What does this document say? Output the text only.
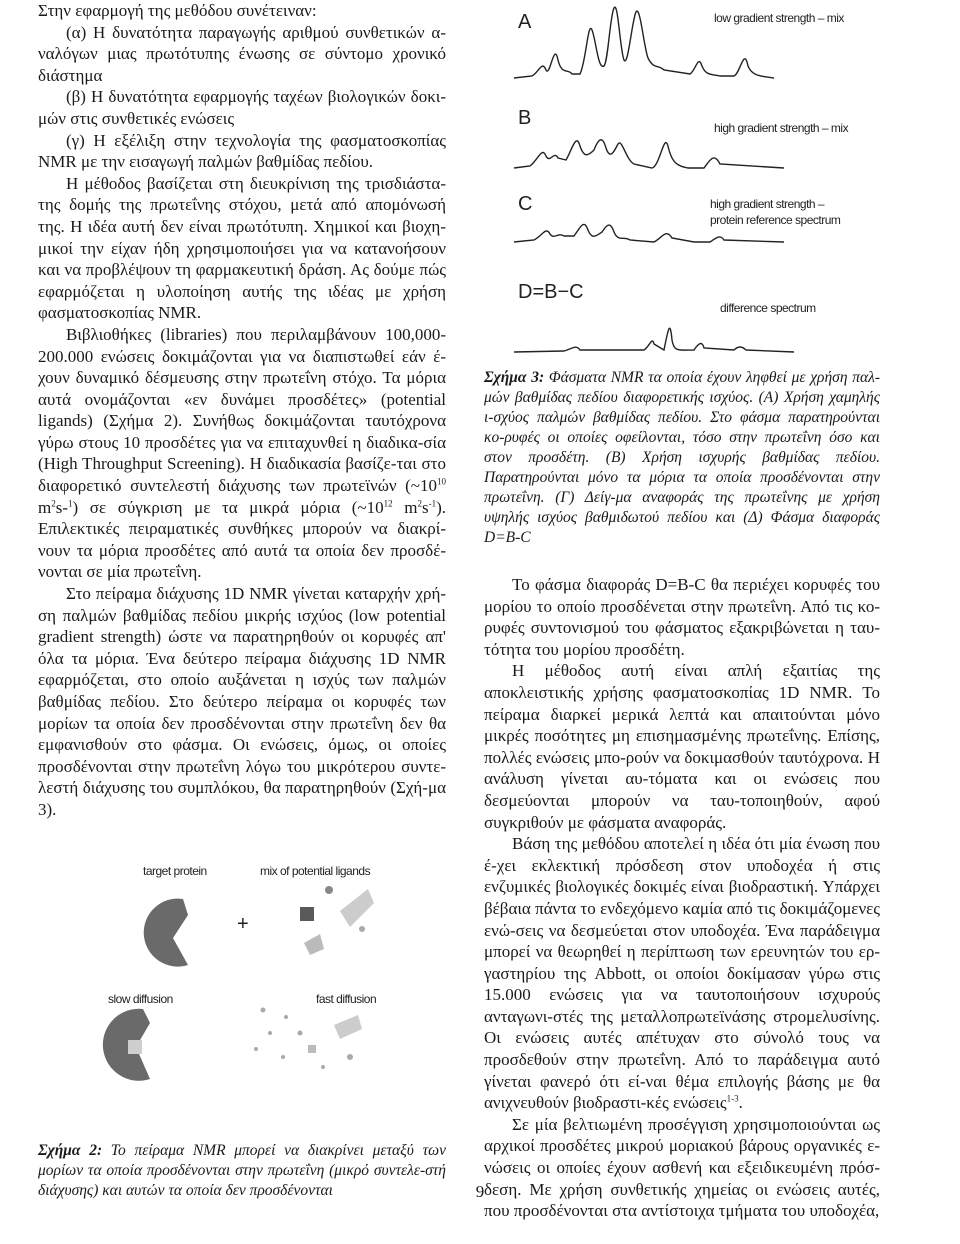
Στην εφαρμογή της μεθόδου συνέτειναν:

(α) Η δυνατότητα παραγωγής αριθμού συνθετικών α-ναλόγων μιας πρωτότυπης ένωσης σε σύντομο χρονικό διάστημα

(β) Η δυνατότητα εφαρμογής ταχέων βιολογικών δοκι-μών στις συνθετικές ενώσεις

(γ) Η εξέλιξη στην τεχνολογία της φασματοσκοπίας NMR με την εισαγωγή παλμών βαθμίδας πεδίου.

Η μέθοδος βασίζεται στη διευκρίνιση της τρισδιάστα-της δομής της πρωτεΐνης στόχου, μετά από απομόνωσή της. Η ιδέα αυτή δεν είναι πρωτότυπη. Χημικοί και βιοχη-μικοί την είχαν ήδη χρησιμοποιήσει για να κατανοήσουν και να προβλέψουν τη φαρμακευτική δράση. Ας δούμε πώς εφαρμόζεται η υλοποίηση αυτής της ιδέας με χρήση φασματοσκοπίας NMR.

Βιβλιοθήκες (libraries) που περιλαμβάνουν 100,000-200.000 ενώσεις δοκιμάζονται για να διαπιστωθεί εάν έ-χουν δυναμικό δέσμευσης στην πρωτεΐνη στόχο. Τα μόρια αυτά ονομάζονται «εν δυνάμει προσδέτες» (potential ligands) (Σχήμα 2). Συνήθως δοκιμάζονται ταυτόχρονα γύρω στους 10 προσδέτες για να επιταχυνθεί η διαδικα-σία (High Throughput Screening). Η διαδικασία βασίζε-ται στο διαφορετικό συντελεστή διάχυσης των πρωτεϊνών ($\sim 10^{10}$ $m^2s-^1$) σε σύγκριση με τα μικρά μόρια ($\sim 10^{12}$ $m^2s^{-1}$). Επιλεκτικές πειραματικές συνθήκες μπορούν να διακρί-νουν τα μόρια προσδέτες από αυτά τα οποία δεν προσδέ-νονται σε μία πρωτεΐνη.

Στο πείραμα διάχυσης 1D NMR γίνεται καταρχήν χρή-ση παλμών βαθμίδας πεδίου μικρής ισχύος (low potential gradient strength) ώστε να παρατηρηθούν οι κορυφές απ' όλα τα μόρια. Ένα δεύτερο πείραμα διάχυσης 1D NMR εφαρμόζεται, στο οποίο αυξάνεται η ισχύς των παλμών βαθμίδας πεδίου. Στο δεύτερο πείραμα οι κορυφές των μορίων τα οποία δεν προσδένονται στην πρωτεΐνη δεν θα εμφανισθούν στο φάσμα. Οι ενώσεις, όμως, οι οποίες προσδένονται στην πρωτεΐνη λόγω του μικρότερου συντε-λεστή διάχυσης του συμπλόκου, θα παρατηρηθούν (Σχή-μα 3).

target protein	mix of potential ligands
+
slow diffusion	fast diffusion

Σχήμα 2: Το πείραμα NMR μπορεί να διακρίνει μεταξύ των μορίων τα οποία προσδένονται στην πρωτεΐνη (μικρό συντελε-στή διάχυσης) και αυτών τα οποία δεν προσδένονται

A	low gradient strength – mix
B	high gradient strength – mix
C	high gradient strength –
protein reference spectrum
D=B−C
difference spectrum

Σχήμα 3: Φάσματα NMR τα οποία έχουν ληφθεί με χρήση παλ-μών βαθμίδας πεδίου διαφορετικής ισχύος. (Α) Χρήση χαμηλής ι-σχύος παλμών βαθμίδας πεδίου. Στο φάσμα παρατηρούνται κο-ρυφές οι οποίες οφείλονται, τόσο στην πρωτεΐνη όσο και στον προσδέτη. (Β) Χρήση ισχυρής βαθμίδας πεδίου. Παρατηρούνται μόνο τα μόρια τα οποία προσδένονται στην πρωτεΐνη. (Γ) Δείγ-μα αναφοράς της πρωτεΐνης με χρήση υψηλής ισχύος βαθμιδωτού πεδίου και (Δ) Φάσμα διαφοράς D=B-C

Το φάσμα διαφοράς D=B-C θα περιέχει κορυφές του μορίου το οποίο προσδένεται στην πρωτεΐνη. Από τις κο-ρυφές συντονισμού του φάσματος εξακριβώνεται η ταυ-τότητα του μορίου προσδέτη.

Η μέθοδος αυτή είναι απλή εξαιτίας της αποκλειστικής χρήσης φασματοσκοπίας 1D NMR. Το πείραμα διαρκεί μερικά λεπτά και απαιτούνται μόνο μικρές ποσότητες μη επισημασμένης πρωτεΐνης. Επίσης, πολλές ενώσεις μπο-ρούν να δοκιμασθούν ταυτόχρονα. Η ανάλυση γίνεται αυ-τόματα και οι ενώσεις που δεσμεύονται μπορούν να ταυ-τοποιηθούν, αφού συγκριθούν με φάσματα αναφοράς.

Βάση της μεθόδου αποτελεί η ιδέα ότι μία ένωση που έ-χει εκλεκτική πρόσδεση στον υποδοχέα ή στις ενζυμικές βιολογικές δοκιμές είναι βιοδραστική. Υπάρχει βέβαια πάντα το ενδεχόμενο καμία από τις δοκιμάζομενες ενώ-σεις να δεσμεύεται στον υποδοχέα. Ένα παράδειγμα μπορεί να θεωρηθεί η περίπτωση των ερευνητών του ερ-γαστηρίου της Abbott, οι οποίοι δοκίμασαν γύρω στις 15.000 ενώσεις για να ταυτοποιήσουν ισχυρούς ανταγωνι-στές της μεταλλοπρωτεϊνάσης στρομελυσίνης. Οι ενώσεις αυτές απέτυχαν στο σύνολό τους να προσδεθούν στην πρωτεΐνη. Από το παράδειγμα αυτό γίνεται φανερό ότι εί-ναι θέμα επιλογής βάσης με θα ανιχνευθούν βιοδραστι-κές ενώσεις$^{1-3}$.

Σε μία βελτιωμένη προσέγγιση χρησιμοποιούνται ως αρχικοί προσδέτες μικρού μοριακού βάρους οργανικές ε-νώσεις οι οποίες έχουν ασθενή και εξειδικευμένη πρόσ-δεση. Με χρήση συνθετικής χημείας οι ενώσεις αυτές, που προσδένονται στα αντίστοιχα τμήματα του υποδοχέα,

9
